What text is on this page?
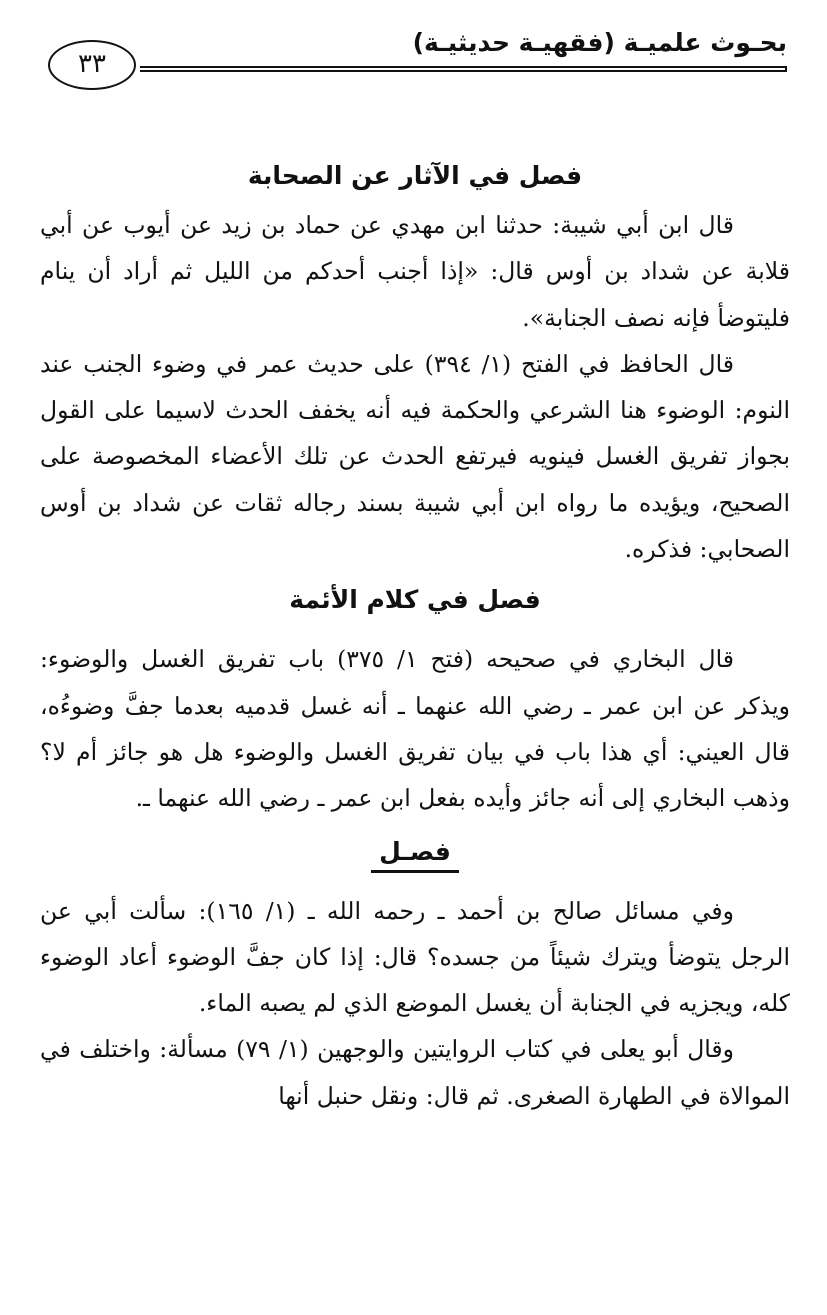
بحـوث علميـة (فقهيـة حديثيـة)
٣٣
فصل في الآثار عن الصحابة

قال ابن أبي شيبة: حدثنا ابن مهدي عن حماد بن زيد عن أيوب عن أبي قلابة عن شداد بن أوس قال: «إذا أجنب أحدكم من الليل ثم أراد أن ينام فليتوضأ فإنه نصف الجنابة».

قال الحافظ في الفتح (١/ ٣٩٤) على حديث عمر في وضوء الجنب عند النوم: الوضوء هنا الشرعي والحكمة فيه أنه يخفف الحدث لاسيما على القول بجواز تفريق الغسل فينويه فيرتفع الحدث عن تلك الأعضاء المخصوصة على الصحيح، ويؤيده ما رواه ابن أبي شيبة بسند رجاله ثقات عن شداد بن أوس الصحابي: فذكره.

فصل في كلام الأئمة

قال البخاري في صحيحه (فتح ١/ ٣٧٥) باب تفريق الغسل والوضوء: ويذكر عن ابن عمر ـ رضي الله عنهما ـ أنه غسل قدميه بعدما جفَّ وضوءُه، قال العيني: أي هذا باب في بيان تفريق الغسل والوضوء هل هو جائز أم لا؟ وذهب البخاري إلى أنه جائز وأيده بفعل ابن عمر ـ رضي الله عنهما ـ.

فصـل

وفي مسائل صالح بن أحمد ـ رحمه الله ـ (١/ ١٦٥): سألت أبي عن الرجل يتوضأ ويترك شيئاً من جسده؟ قال: إذا كان جفَّ الوضوء أعاد الوضوء كله، ويجزيه في الجنابة أن يغسل الموضع الذي لم يصبه الماء.

وقال أبو يعلى في كتاب الروايتين والوجهين (١/ ٧٩) مسألة: واختلف في الموالاة في الطهارة الصغرى. ثم قال: ونقل حنبل أنها
